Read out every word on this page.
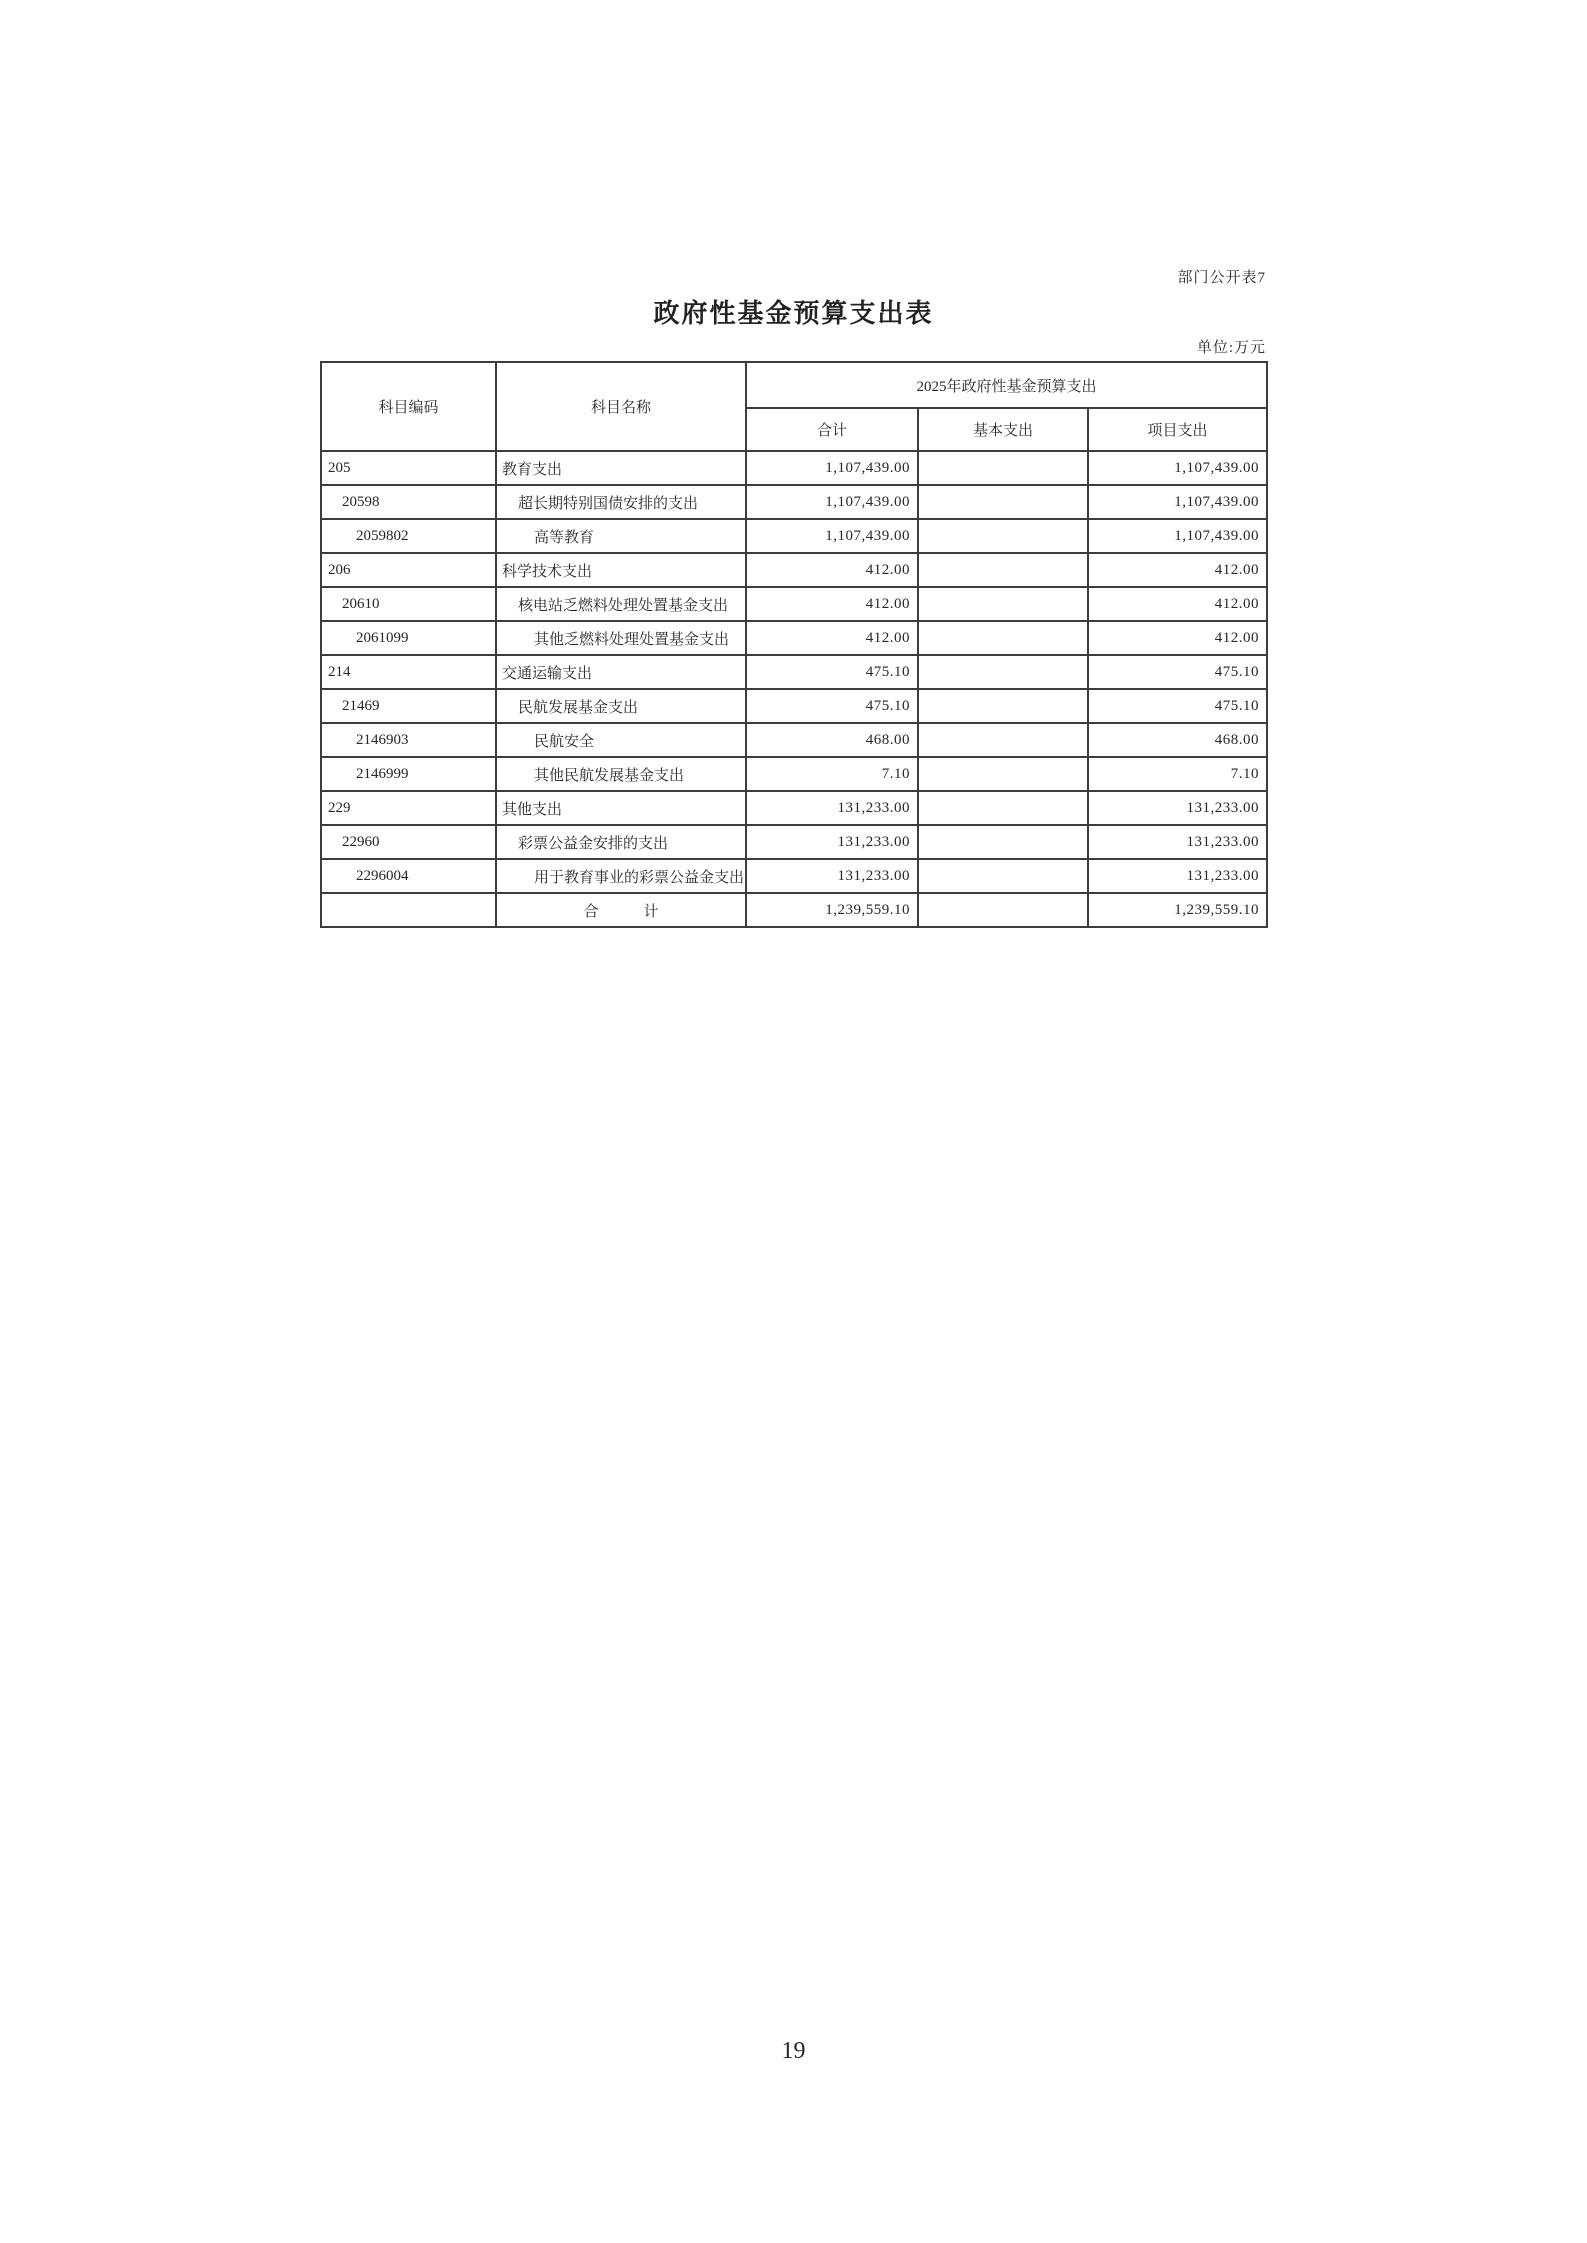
部门公开表7
政府性基金预算支出表
单位:万元
科目编码	科目名称	2025年政府性基金预算支出		
		合计	基本支出	项目支出
205	教育支出	1,107,439.00		1,107,439.00
20598	超长期特别国债安排的支出	1,107,439.00		1,107,439.00
2059802	高等教育	1,107,439.00		1,107,439.00
206	科学技术支出	412.00		412.00
20610	核电站乏燃料处理处置基金支出	412.00		412.00
2061099	其他乏燃料处理处置基金支出	412.00		412.00
214	交通运输支出	475.10		475.10
21469	民航发展基金支出	475.10		475.10
2146903	民航安全	468.00		468.00
2146999	其他民航发展基金支出	7.10		7.10
229	其他支出	131,233.00		131,233.00
22960	彩票公益金安排的支出	131,233.00		131,233.00
2296004	用于教育事业的彩票公益金支出	131,233.00		131,233.00
	合　　　计	1,239,559.10		1,239,559.10
19
